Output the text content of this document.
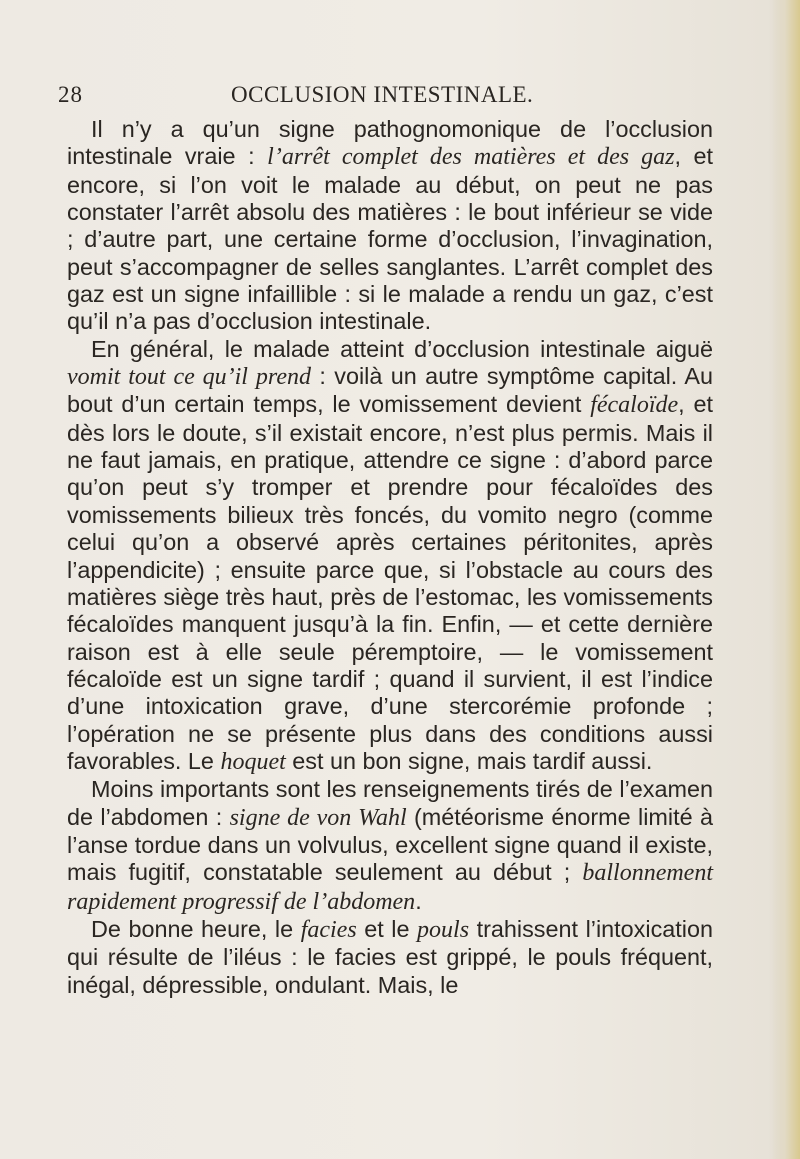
28	OCCLUSION INTESTINALE.

Il n’y a qu’un signe pathognomonique de l’occlusion intestinale vraie : l’arrêt complet des matières et des gaz, et encore, si l’on voit le malade au début, on peut ne pas constater l’arrêt absolu des matières : le bout inférieur se vide ; d’autre part, une certaine forme d’occlusion, l’invagination, peut s’accompagner de selles sanglantes. L’arrêt complet des gaz est un signe infaillible : si le malade a rendu un gaz, c’est qu’il n’a pas d’occlusion intestinale.

En général, le malade atteint d’occlusion intestinale aiguë vomit tout ce qu’il prend : voilà un autre symptôme capital. Au bout d’un certain temps, le vomissement devient fécaloïde, et dès lors le doute, s’il existait encore, n’est plus permis. Mais il ne faut jamais, en pratique, attendre ce signe : d’abord parce qu’on peut s’y tromper et prendre pour fécaloïdes des vomissements bilieux très foncés, du vomito negro (comme celui qu’on a observé après certaines péritonites, après l’appendicite) ; ensuite parce que, si l’obstacle au cours des matières siège très haut, près de l’estomac, les vomissements fécaloïdes manquent jusqu’à la fin. Enfin, — et cette dernière raison est à elle seule péremptoire, — le vomissement fécaloïde est un signe tardif ; quand il survient, il est l’indice d’une intoxication grave, d’une stercorémie profonde ; l’opération ne se présente plus dans des conditions aussi favorables. Le hoquet est un bon signe, mais tardif aussi.

Moins importants sont les renseignements tirés de l’examen de l’abdomen : signe de von Wahl (météorisme énorme limité à l’anse tordue dans un volvulus, excellent signe quand il existe, mais fugitif, constatable seulement au début ; ballonnement rapidement progressif de l’abdomen.

De bonne heure, le facies et le pouls trahissent l’intoxication qui résulte de l’iléus : le facies est grippé, le pouls fréquent, inégal, dépressible, ondulant. Mais, le
